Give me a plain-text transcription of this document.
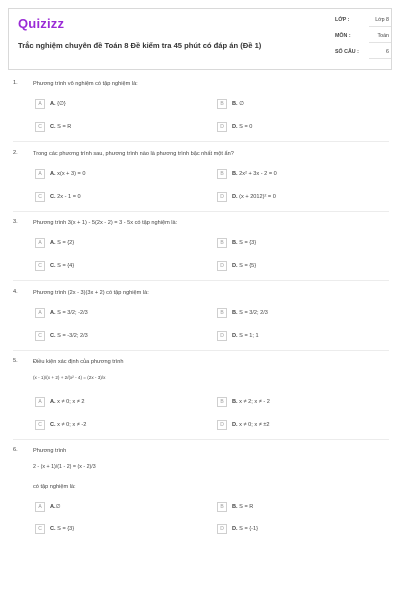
Quizizz
Trắc nghiệm chuyên đề Toán 8 Đề kiểm tra 45 phút có đáp án (Đề 1)
LỚP :	Lớp 8
MÔN :	Toán
SỐ CÂU :	6
1.	Phương trình vô nghiệm có tập nghiệm là:
A	A. {∅}	B	B. ∅
C	C. S = R	D	D. S = 0
2.	Trong các phương trình sau, phương trình nào là phương trình bậc nhất một ẩn?
A	A. x(x + 3) = 0	B	B. 2x² + 3x - 2 = 0
C	C. 2x - 1 = 0	D	D. (x + 2012)² = 0
3.	Phương trình 3(x + 1) - 5(2x - 2) = 3 - 5x có tập nghiệm là:
A	A. S = {2}	B	B. S = {3}
C	C. S = {4}	D	D. S = {5}
4.	Phương trình (2x - 3)(3x + 2) có tập nghiệm là:
A	A. S = 3/2; -2/3	B	B. S = 3/2; 2/3
C	C. S = -3/2; 2/3	D	D. S = 1; 1
5.	Điều kiện xác định của phương trình
(x - 1)/(x + 2) + 2/(x² - 4) = (2x - 3)/x
A	A. x ≠ 0; x ≠ 2	B	B. x ≠ 2; x ≠ - 2
C	C. x ≠ 0; x ≠ -2	D	D. x ≠ 0; x ≠ ±2
6.	Phương trình
2 - (x + 1)/(1 - 2) = (x - 2)/3
có tập nghiệm là:
A	A.∅	B	B. S = R
C	C. S = {3}	D	D. S = {-1}
